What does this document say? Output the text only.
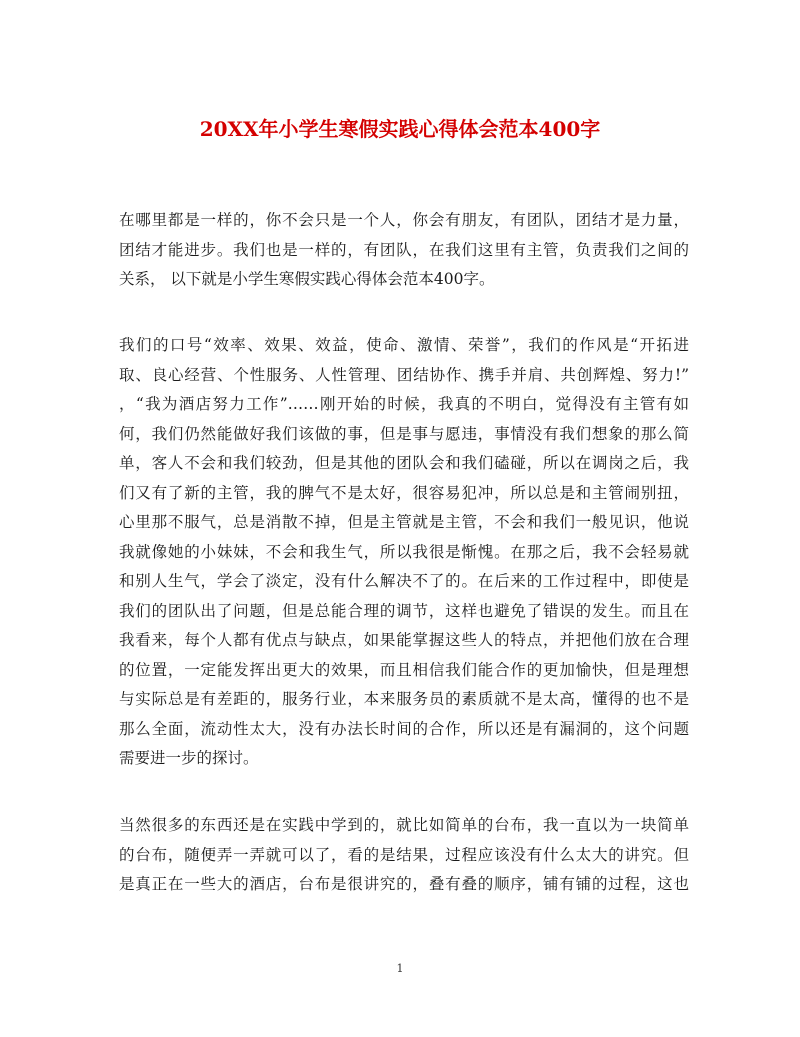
20XX年小学生寒假实践心得体会范本400字
在哪里都是一样的，你不会只是一个人，你会有朋友，有团队，团结才是力量，
团结才能进步。我们也是一样的，有团队，在我们这里有主管，负责我们之间的
关系， 以下就是小学生寒假实践心得体会范本400字。
我们的口号“效率、效果、效益，使命、激情、荣誉”，我们的作风是“开拓进
取、良心经营、个性服务、人性管理、团结协作、携手并肩、共创辉煌、努力!”
，“我为酒店努力工作”……刚开始的时候，我真的不明白，觉得没有主管有如
何，我们仍然能做好我们该做的事，但是事与愿违，事情没有我们想象的那么简
单，客人不会和我们较劲，但是其他的团队会和我们磕碰，所以在调岗之后，我
们又有了新的主管，我的脾气不是太好，很容易犯冲，所以总是和主管闹别扭，
心里那不服气，总是消散不掉，但是主管就是主管，不会和我们一般见识，他说
我就像她的小妹妹，不会和我生气，所以我很是惭愧。在那之后，我不会轻易就
和别人生气，学会了淡定，没有什么解决不了的。在后来的工作过程中，即使是
我们的团队出了问题，但是总能合理的调节，这样也避免了错误的发生。而且在
我看来，每个人都有优点与缺点，如果能掌握这些人的特点，并把他们放在合理
的位置，一定能发挥出更大的效果，而且相信我们能合作的更加愉快，但是理想
与实际总是有差距的，服务行业，本来服务员的素质就不是太高，懂得的也不是
那么全面，流动性太大，没有办法长时间的合作，所以还是有漏洞的，这个问题
需要进一步的探讨。
当然很多的东西还是在实践中学到的，就比如简单的台布，我一直以为一块简单
的台布，随便弄一弄就可以了，看的是结果，过程应该没有什么太大的讲究。但
是真正在一些大的酒店，台布是很讲究的，叠有叠的顺序，铺有铺的过程，这也
1
